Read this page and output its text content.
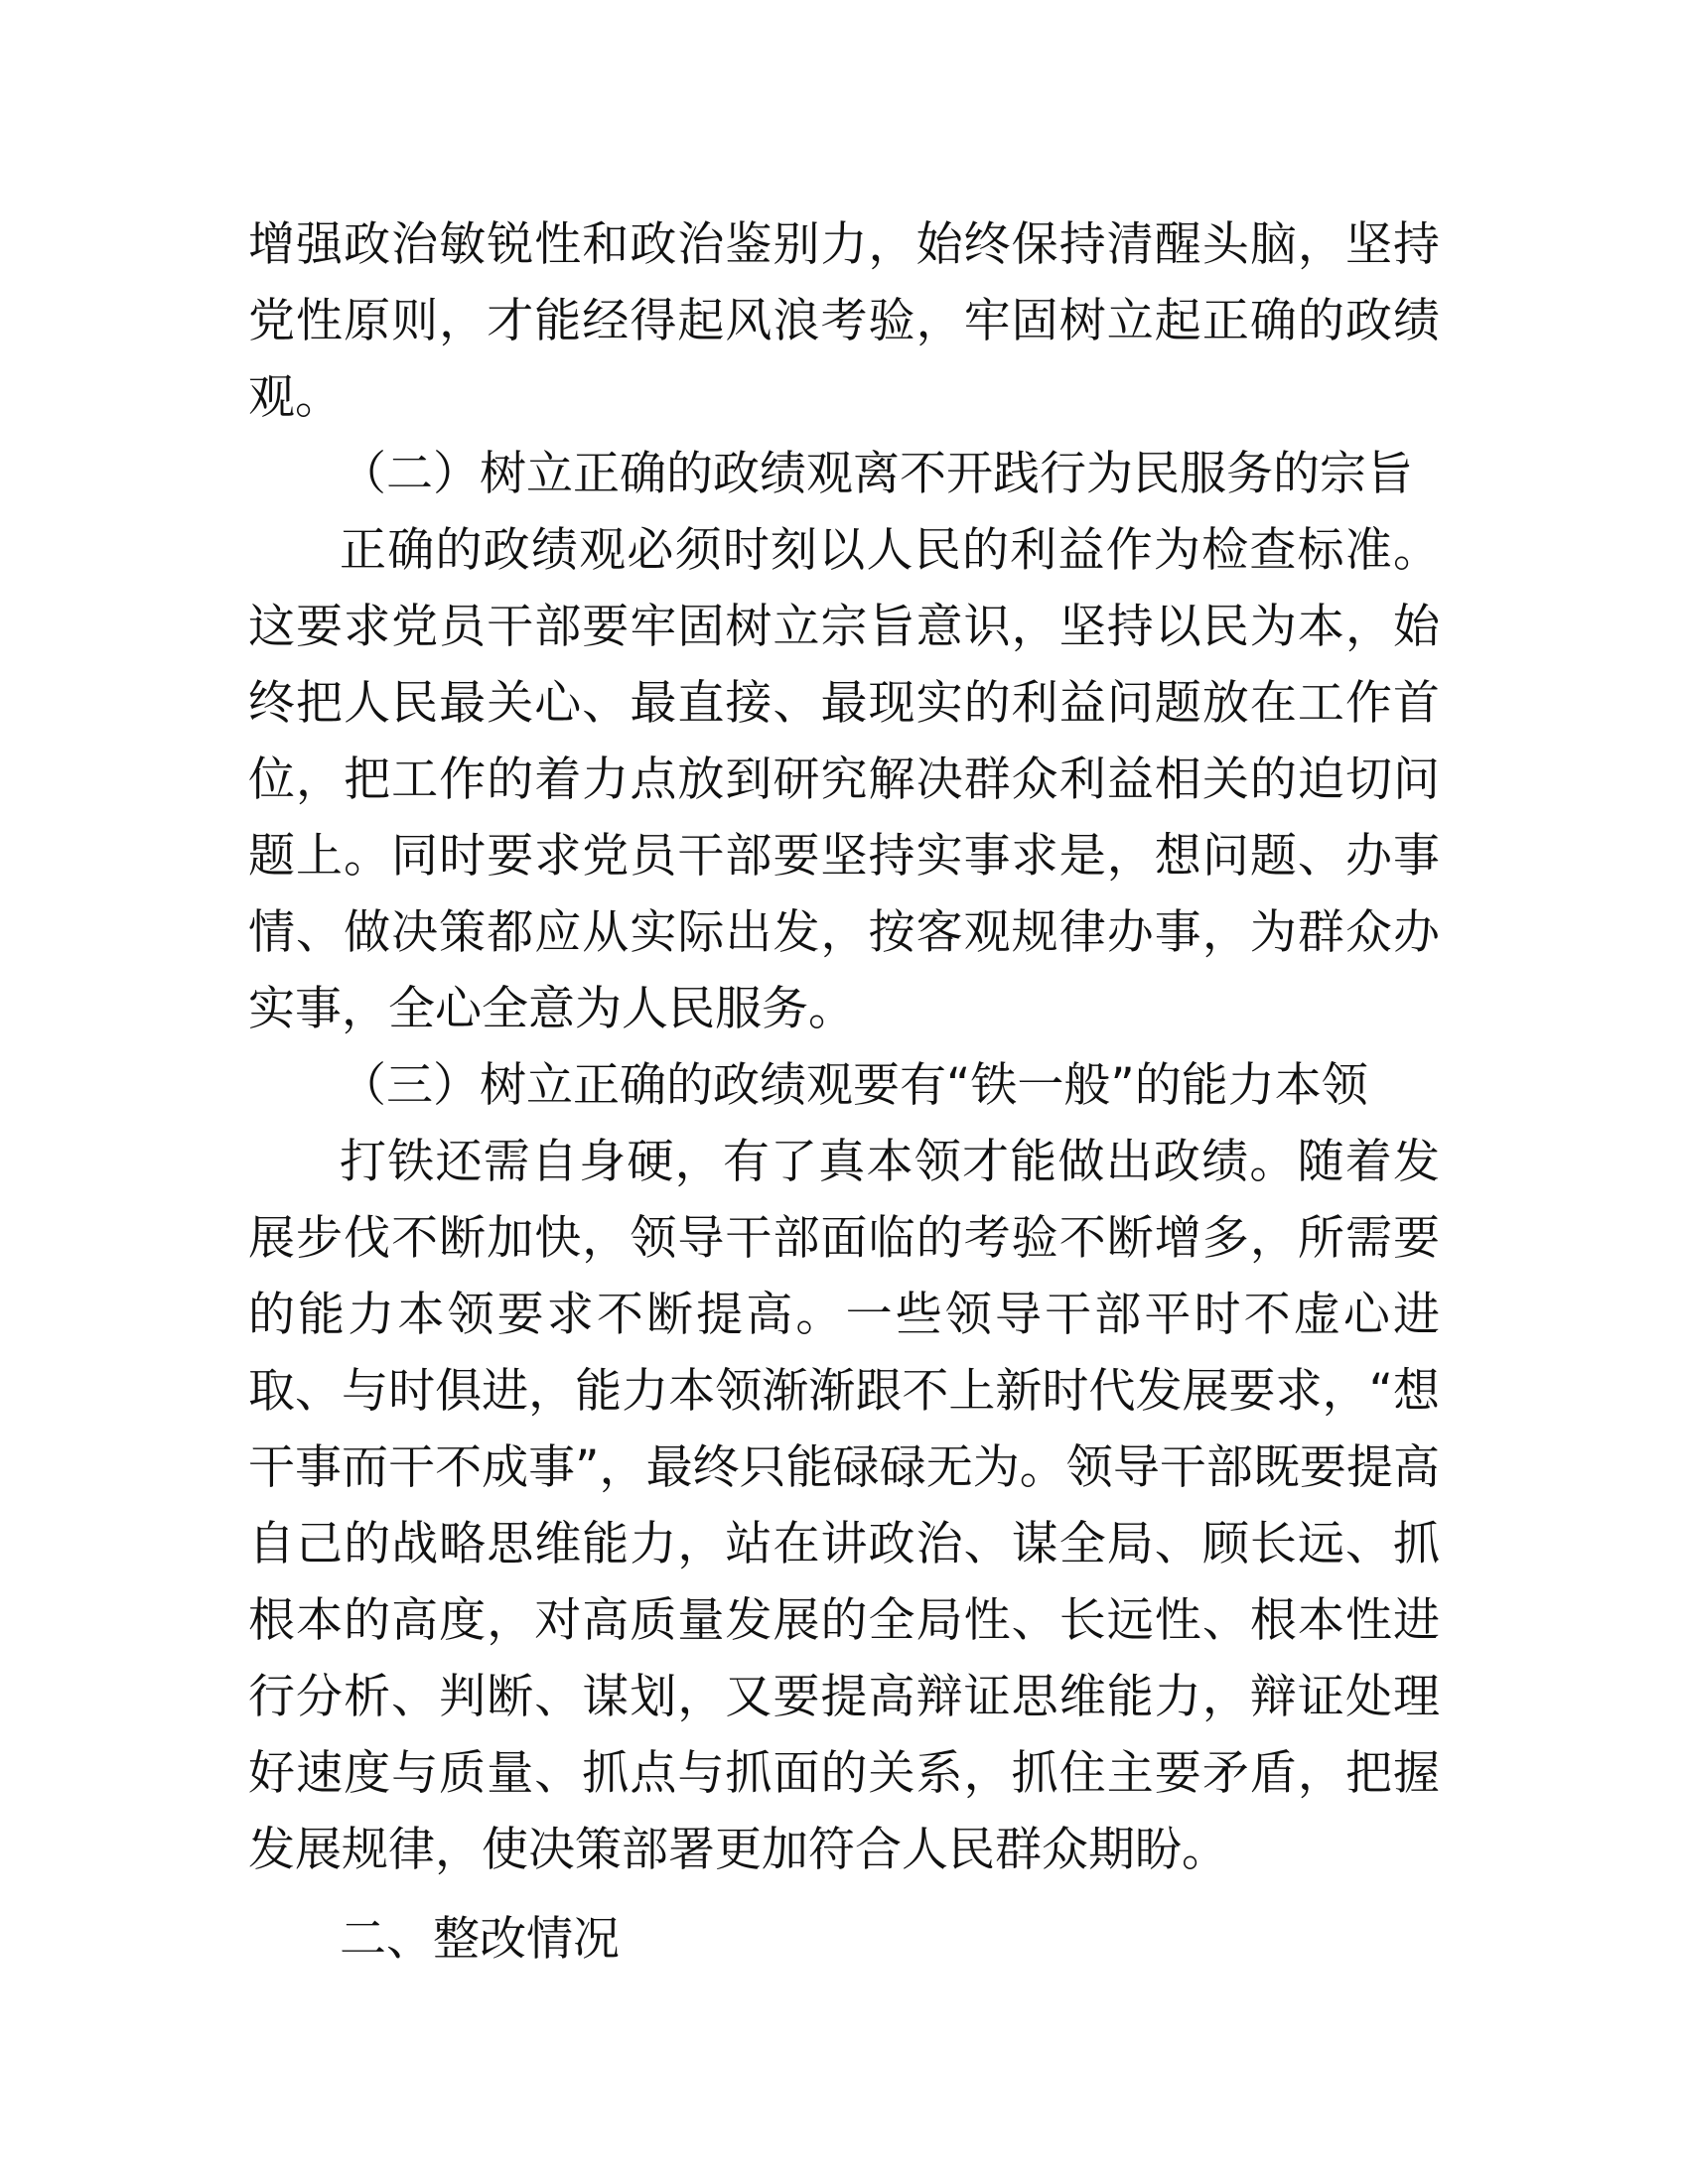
增强政治敏锐性和政治鉴别力，始终保持清醒头脑，坚持党性原则，才能经得起风浪考验，牢固树立起正确的政绩观。

（二）树立正确的政绩观离不开践行为民服务的宗旨

正确的政绩观必须时刻以人民的利益作为检查标准。这要求党员干部要牢固树立宗旨意识，坚持以民为本，始终把人民最关心、最直接、最现实的利益问题放在工作首位，把工作的着力点放到研究解决群众利益相关的迫切问题上。同时要求党员干部要坚持实事求是，想问题、办事情、做决策都应从实际出发，按客观规律办事，为群众办实事，全心全意为人民服务。

（三）树立正确的政绩观要有“铁一般”的能力本领

打铁还需自身硬，有了真本领才能做出政绩。随着发展步伐不断加快，领导干部面临的考验不断增多，所需要的能力本领要求不断提高。一些领导干部平时不虚心进取、与时俱进，能力本领渐渐跟不上新时代发展要求，“想干事而干不成事”，最终只能碌碌无为。领导干部既要提高自己的战略思维能力，站在讲政治、谋全局、顾长远、抓根本的高度，对高质量发展的全局性、长远性、根本性进行分析、判断、谋划，又要提高辩证思维能力，辩证处理好速度与质量、抓点与抓面的关系，抓住主要矛盾，把握发展规律，使决策部署更加符合人民群众期盼。

二、整改情况
